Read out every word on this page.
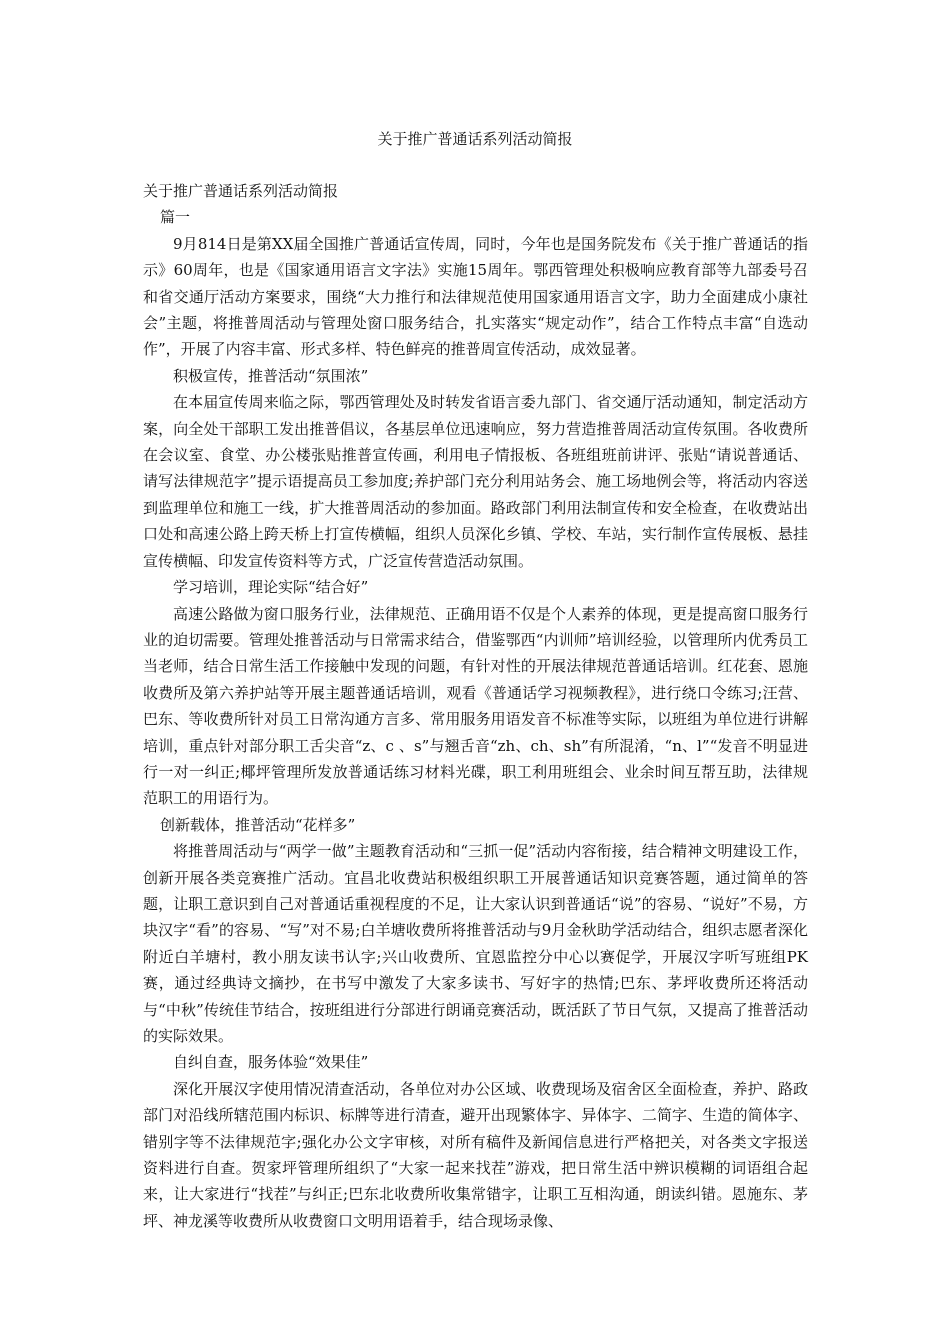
关于推广普通话系列活动简报

关于推广普通话系列活动简报

篇一

9月814日是第XX届全国推广普通话宣传周，同时，今年也是国务院发布《关于推广普通话的指示》60周年，也是《国家通用语言文字法》实施15周年。鄂西管理处积极响应教育部等九部委号召和省交通厅活动方案要求，围绕“大力推行和法律规范使用国家通用语言文字，助力全面建成小康社会”主题，将推普周活动与管理处窗口服务结合，扎实落实“规定动作”，结合工作特点丰富“自选动作”，开展了内容丰富、形式多样、特色鲜亮的推普周宣传活动，成效显著。

积极宣传，推普活动“氛围浓”

在本届宣传周来临之际，鄂西管理处及时转发省语言委九部门、省交通厅活动通知，制定活动方案，向全处干部职工发出推普倡议，各基层单位迅速响应，努力营造推普周活动宣传氛围。各收费所在会议室、食堂、办公楼张贴推普宣传画，利用电子情报板、各班组班前讲评、张贴“请说普通话、请写法律规范字”提示语提高员工参加度;养护部门充分利用站务会、施工场地例会等，将活动内容送到监理单位和施工一线，扩大推普周活动的参加面。路政部门利用法制宣传和安全检查，在收费站出口处和高速公路上跨天桥上打宣传横幅，组织人员深化乡镇、学校、车站，实行制作宣传展板、悬挂宣传横幅、印发宣传资料等方式，广泛宣传营造活动氛围。

学习培训，理论实际“结合好”

高速公路做为窗口服务行业，法律规范、正确用语不仅是个人素养的体现，更是提高窗口服务行业的迫切需要。管理处推普活动与日常需求结合，借鉴鄂西“内训师”培训经验，以管理所内优秀员工当老师，结合日常生活工作接触中发现的问题，有针对性的开展法律规范普通话培训。红花套、恩施收费所及第六养护站等开展主题普通话培训，观看《普通话学习视频教程》，进行绕口令练习;汪营、巴东、等收费所针对员工日常沟通方言多、常用服务用语发音不标准等实际，以班组为单位进行讲解培训，重点针对部分职工舌尖音“z、c 、s”与翘舌音“zh、ch、sh”有所混淆，“n、l”“发音不明显进行一对一纠正;椰坪管理所发放普通话练习材料光碟，职工利用班组会、业余时间互帮互助，法律规范职工的用语行为。

创新载体，推普活动“花样多”

将推普周活动与“两学一做”主题教育活动和“三抓一促”活动内容衔接，结合精神文明建设工作，创新开展各类竞赛推广活动。宜昌北收费站积极组织职工开展普通话知识竞赛答题，通过简单的答题，让职工意识到自己对普通话重视程度的不足，让大家认识到普通话“说”的容易、“说好”不易，方块汉字“看”的容易、“写”对不易;白羊塘收费所将推普活动与9月金秋助学活动结合，组织志愿者深化附近白羊塘村，教小朋友读书认字;兴山收费所、宜恩监控分中心以赛促学，开展汉字听写班组PK赛，通过经典诗文摘抄，在书写中激发了大家多读书、写好字的热情;巴东、茅坪收费所还将活动与“中秋”传统佳节结合，按班组进行分部进行朗诵竞赛活动，既活跃了节日气氛，又提高了推普活动的实际效果。

自纠自查，服务体验“效果佳”

深化开展汉字使用情况清查活动，各单位对办公区域、收费现场及宿舍区全面检查，养护、路政部门对沿线所辖范围内标识、标牌等进行清查，避开出现繁体字、异体字、二简字、生造的简体字、错别字等不法律规范字;强化办公文字审核，对所有稿件及新闻信息进行严格把关，对各类文字报送资料进行自查。贺家坪管理所组织了“大家一起来找茬”游戏，把日常生活中辨识模糊的词语组合起来，让大家进行“找茬”与纠正;巴东北收费所收集常错字，让职工互相沟通，朗读纠错。恩施东、茅坪、神龙溪等收费所从收费窗口文明用语着手，结合现场录像、
